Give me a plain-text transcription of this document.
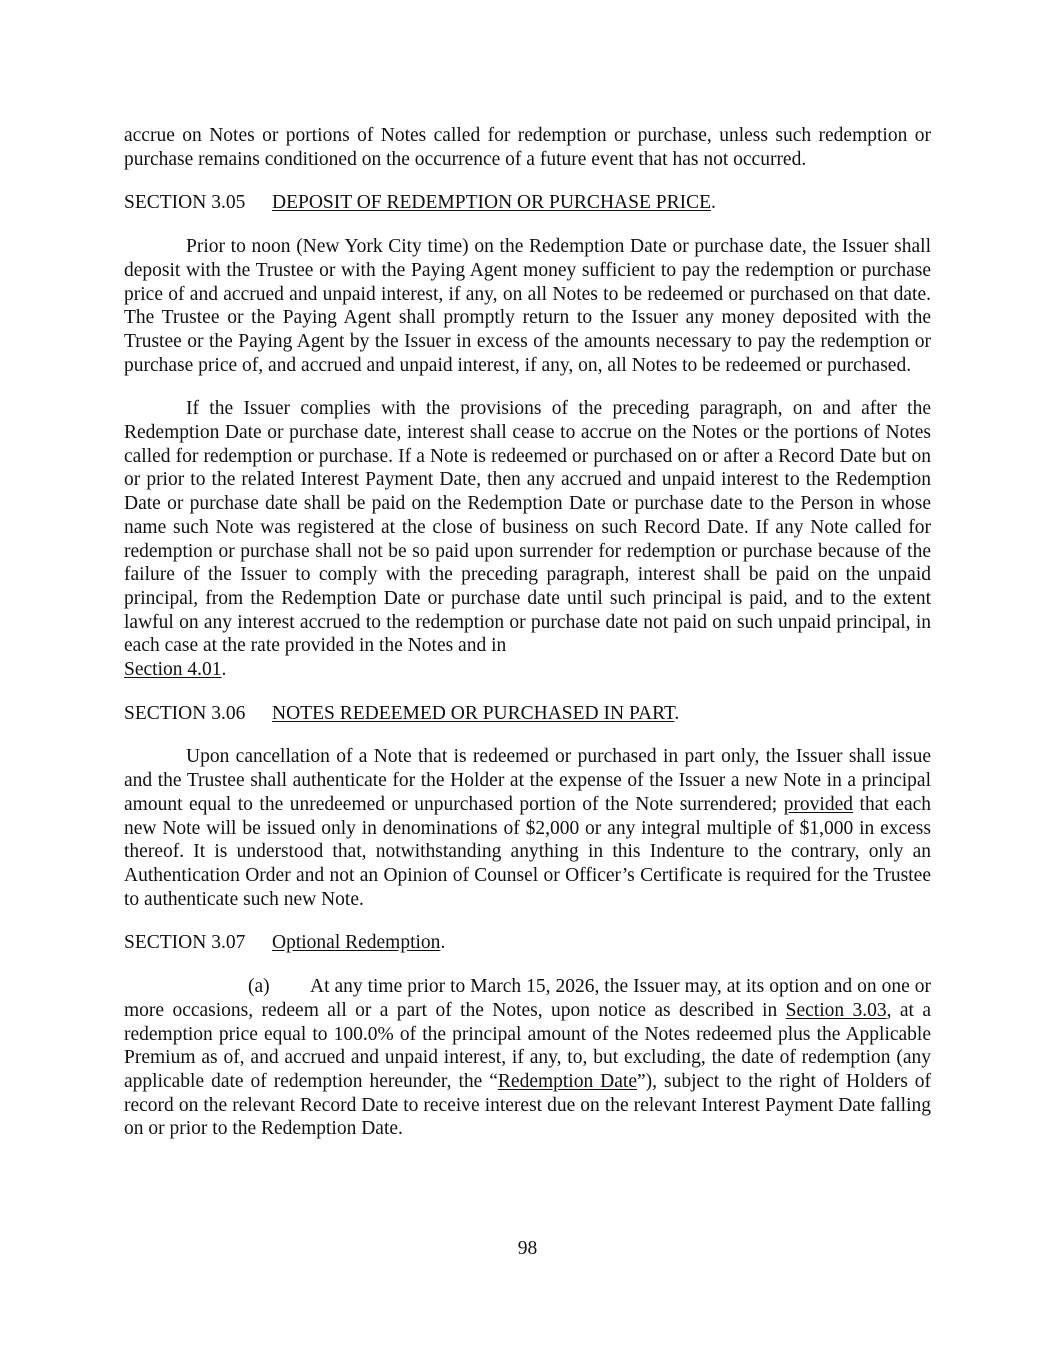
accrue on Notes or portions of Notes called for redemption or purchase, unless such redemption or purchase remains conditioned on the occurrence of a future event that has not occurred.

SECTION 3.05 DEPOSIT OF REDEMPTION OR PURCHASE PRICE.

Prior to noon (New York City time) on the Redemption Date or purchase date, the Issuer shall deposit with the Trustee or with the Paying Agent money sufficient to pay the redemption or purchase price of and accrued and unpaid interest, if any, on all Notes to be redeemed or purchased on that date. The Trustee or the Paying Agent shall promptly return to the Issuer any money deposited with the Trustee or the Paying Agent by the Issuer in excess of the amounts necessary to pay the redemption or purchase price of, and accrued and unpaid interest, if any, on, all Notes to be redeemed or purchased.

If the Issuer complies with the provisions of the preceding paragraph, on and after the Redemption Date or purchase date, interest shall cease to accrue on the Notes or the portions of Notes called for redemption or purchase. If a Note is redeemed or purchased on or after a Record Date but on or prior to the related Interest Payment Date, then any accrued and unpaid interest to the Redemption Date or purchase date shall be paid on the Redemption Date or purchase date to the Person in whose name such Note was registered at the close of business on such Record Date. If any Note called for redemption or purchase shall not be so paid upon surrender for redemption or purchase because of the failure of the Issuer to comply with the preceding paragraph, interest shall be paid on the unpaid principal, from the Redemption Date or purchase date until such principal is paid, and to the extent lawful on any interest accrued to the redemption or purchase date not paid on such unpaid principal, in each case at the rate provided in the Notes and in
Section 4.01.

SECTION 3.06 NOTES REDEEMED OR PURCHASED IN PART.

Upon cancellation of a Note that is redeemed or purchased in part only, the Issuer shall issue and the Trustee shall authenticate for the Holder at the expense of the Issuer a new Note in a principal amount equal to the unredeemed or unpurchased portion of the Note surrendered; provided that each new Note will be issued only in denominations of $2,000 or any integral multiple of $1,000 in excess thereof. It is understood that, notwithstanding anything in this Indenture to the contrary, only an Authentication Order and not an Opinion of Counsel or Officer’s Certificate is required for the Trustee to authenticate such new Note.

SECTION 3.07 Optional Redemption.

(a) At any time prior to March 15, 2026, the Issuer may, at its option and on one or more occasions, redeem all or a part of the Notes, upon notice as described in Section 3.03, at a redemption price equal to 100.0% of the principal amount of the Notes redeemed plus the Applicable Premium as of, and accrued and unpaid interest, if any, to, but excluding, the date of redemption (any applicable date of redemption hereunder, the “Redemption Date”), subject to the right of Holders of record on the relevant Record Date to receive interest due on the relevant Interest Payment Date falling on or prior to the Redemption Date.

98
